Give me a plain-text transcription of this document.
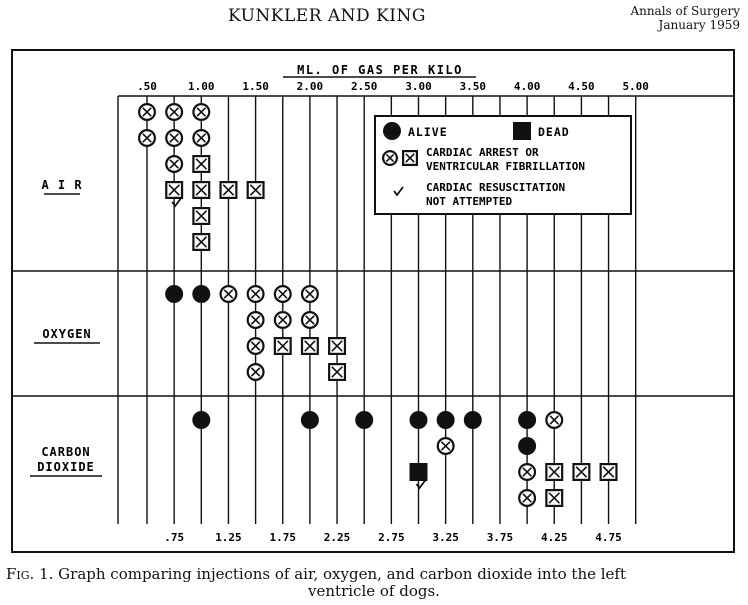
KUNKLER AND KING	Annals of Surgery
January 1959
ML. OF GAS PER KILO
A I R
OXYGEN
CARBON
DIOXIDE
.50	1.00	1.50	2.00	2.50	3.00	3.50	4.00	4.50	5.00
.75	1.25	1.75	2.25	2.75	3.25	3.75	4.25	4.75
ALIVE	DEAD
CARDIAC ARREST OR
VENTRICULAR FIBRILLATION
CARDIAC RESUSCITATION
NOT ATTEMPTED
Fig. 1. Graph comparing injections of air, oxygen, and carbon dioxide into the left
ventricle of dogs.
